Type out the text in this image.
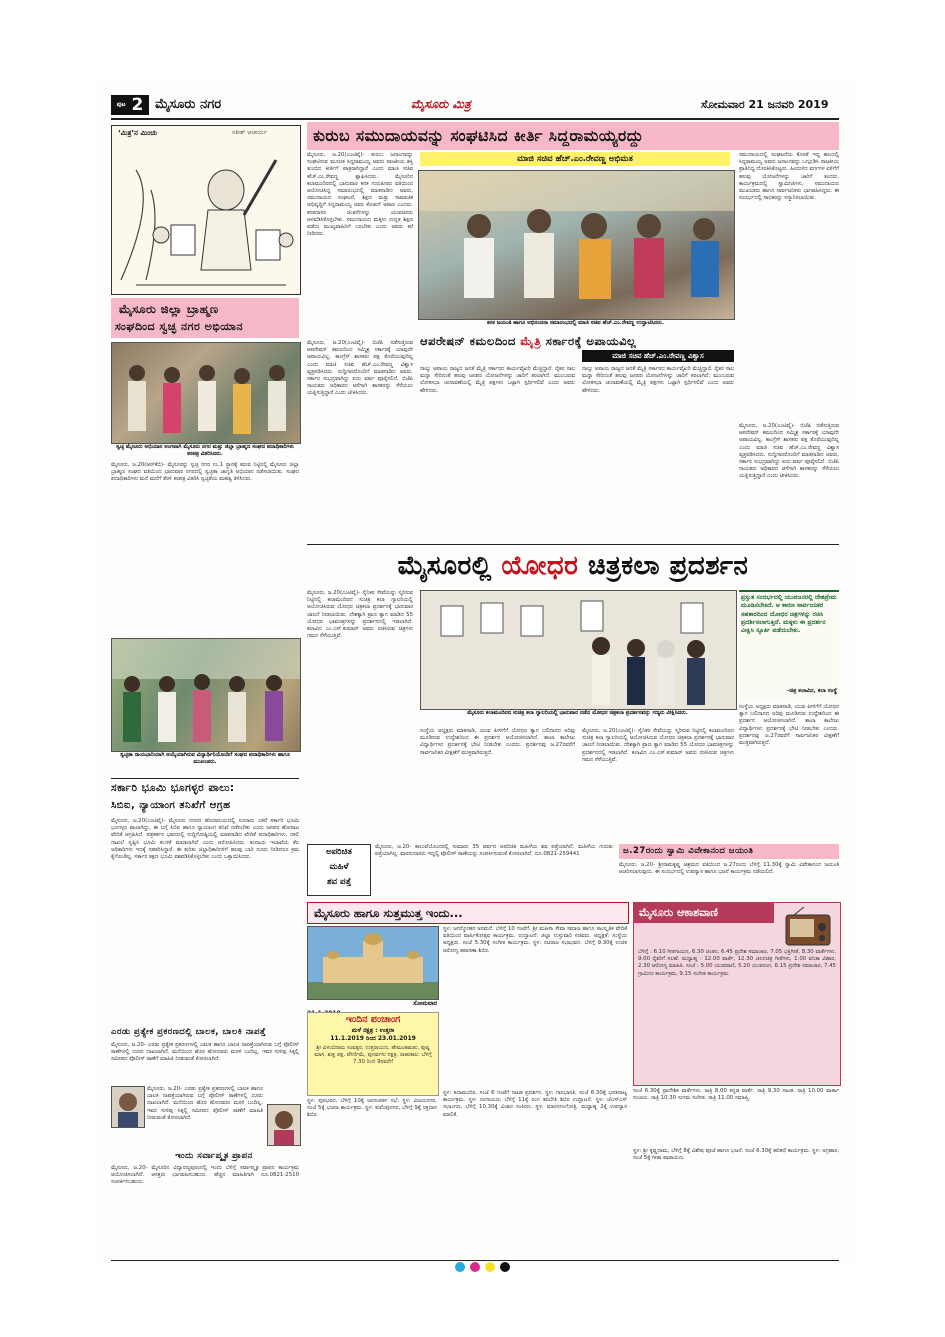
$^{ಪುಟ}$ 2 ಮೈಸೂರು ನಗರ	ಮೈಸೂರು ಮಿತ್ರ	ಸೋಮವಾರ 21 ಜನವರಿ 2019
‘ಮಿತ್ರ’ನ ಮಿಂಚು	ಸತೀಶ್ ಆಚಾರ್ಯ	ಕುರುಬ ಸಮುದಾಯವನ್ನು ಸಂಘಟಿಸಿದ ಕೀರ್ತಿ ಸಿದ್ದರಾಮಯ್ಯರದ್ದು
ಮಾಜಿ ಸಚಿವ ಹೆಚ್.ಎಂ.ರೇವಣ್ಣ ಅಭಿಮತ
ಮೈಸೂರು, ಜ.20(ಎಂಟಿವೈ)- ಕುರುಬ ಜನಾಂಗವನ್ನು ಸಂಘಟಿಸುವ ಮೂಲಕ ಸಿದ್ದರಾಮಯ್ಯ ಅವರು ರಾಜಕೀಯ ಶಕ್ತಿ ತುಂಬಿದ ಕೀರ್ತಿಗೆ ಪಾತ್ರರಾಗಿದ್ದಾರೆ ಎಂದು ಮಾಜಿ ಸಚಿವ ಹೆಚ್.ಎಂ.ರೇವಣ್ಣ ಶ್ಲಾಘಿಸಿದರು. ಮೈಸೂರಿನ ಕಲಾಮಂದಿರದಲ್ಲಿ ಭಾನುವಾರ ಕನಕ ಗುರುಪೀಠದ ವತಿಯಿಂದ ಆಯೋಜಿಸಿದ್ದ ಸಮಾರಂಭದಲ್ಲಿ ಮಾತನಾಡಿದ ಅವರು, ಸಮುದಾಯದ ಸಂಘಟನೆ, ಶಿಕ್ಷಣ ಮತ್ತು ಸಾಮಾಜಿಕ ಅಭಿವೃದ್ಧಿಗೆ ಸಿದ್ದರಾಮಯ್ಯ ಅವರ ಕೊಡುಗೆ ಅಪಾರ ಎಂದರು. ಕನಕದಾಸರ ಚಿಂತನೆಗಳನ್ನು ಯುವಜನರು ಅಳವಡಿಸಿಕೊಳ್ಳಬೇಕು. ಸಮುದಾಯದ ಮಕ್ಕಳು ಉನ್ನತ ಶಿಕ್ಷಣ ಪಡೆದು ಮುಖ್ಯವಾಹಿನಿಗೆ ಬರಬೇಕು ಎಂದು ಅವರು ಕರೆ ನೀಡಿದರು.
ಕನಕ ಜಯಂತಿ ಹಾಗೂ ಅಭಿನಂದನಾ ಸಮಾರಂಭದಲ್ಲಿ ಮಾಜಿ ಸಚಿವ ಹೆಚ್.ಎಂ.ರೇವಣ್ಣ ಉದ್ಘಾಟಿಸಿದರು.
ಸಮುದಾಯದಲ್ಲಿ ಸಂಘಟನೆಯ ಕೊರತೆ ಇದ್ದ ಕಾಲದಲ್ಲಿ ಸಿದ್ದರಾಮಯ್ಯ ಅವರು ಜನಾಂಗವನ್ನು ಒಗ್ಗೂಡಿಸಿ ರಾಜಕೀಯ ಪ್ರಾತಿನಿಧ್ಯ ದೊರಕಿಸಿಕೊಟ್ಟರು. ಹಿಂದುಳಿದ ವರ್ಗಗಳ ಏಳಿಗೆಗೆ ಹಲವು ಯೋಜನೆಗಳನ್ನು ಜಾರಿಗೆ ತಂದರು. ಕಾರ್ಯಕ್ರಮದಲ್ಲಿ ಸ್ವಾಮೀಜಿಗಳು, ಸಮುದಾಯದ ಮುಖಂಡರು ಹಾಗೂ ಸಾರ್ವಜನಿಕರು ಭಾಗವಹಿಸಿದ್ದರು. ಈ ಸಂದರ್ಭದಲ್ಲಿ ಸಾಧಕರನ್ನು ಸನ್ಮಾನಿಸಲಾಯಿತು.
ಆಪರೇಷನ್ ಕಮಲದಿಂದ ಮೈತ್ರಿ ಸರ್ಕಾರಕ್ಕೆ ಅಪಾಯವಿಲ್ಲ
ಮಾಜಿ ಸಚಿವ ಹೆಚ್.ಎಂ.ರೇವಣ್ಣ ವಿಶ್ವಾಸ
ಮೈಸೂರು, ಜ.20(ಎಂಟಿವೈ)- ಬಿಜೆಪಿ ನಡೆಸುತ್ತಿರುವ ಆಪರೇಷನ್ ಕಮಲದಿಂದ ಸಮ್ಮಿಶ್ರ ಸರ್ಕಾರಕ್ಕೆ ಯಾವುದೇ ಅಪಾಯವಿಲ್ಲ. ಕಾಂಗ್ರೆಸ್ ಶಾಸಕರು ಪಕ್ಷ ತೊರೆಯುವುದಿಲ್ಲ ಎಂದು ಮಾಜಿ ಸಚಿವ ಹೆಚ್.ಎಂ.ರೇವಣ್ಣ ವಿಶ್ವಾಸ ವ್ಯಕ್ತಪಡಿಸಿದರು. ಸುದ್ದಿಗಾರರೊಂದಿಗೆ ಮಾತನಾಡಿದ ಅವರು, ಸರ್ಕಾರ ಸುಭದ್ರವಾಗಿದ್ದು ಐದು ವರ್ಷ ಪೂರೈಸಲಿದೆ. ಬಿಜೆಪಿ ನಾಯಕರು ಅಧಿಕಾರದ ಆಸೆಗಾಗಿ ಶಾಸಕರನ್ನು ಸೆಳೆಯಲು ಯತ್ನಿಸುತ್ತಿದ್ದಾರೆ ಎಂದು ಟೀಕಿಸಿದರು.
ನಾಲ್ಕು ಅಪಾಯ ರಾಜ್ಯದ ಜನತೆ ಮೈತ್ರಿ ಸರ್ಕಾರದ ಕಾರ್ಯವೈಖರಿ ಮೆಚ್ಚಿದ್ದಾರೆ. ರೈತರ ಸಾಲ ಮನ್ನಾ ಸೇರಿದಂತೆ ಹಲವು ಜನಪರ ಯೋಜನೆಗಳನ್ನು ಜಾರಿಗೆ ತರಲಾಗಿದೆ. ಮುಂಬರುವ ಲೋಕಸಭಾ ಚುನಾವಣೆಯಲ್ಲಿ ಮೈತ್ರಿ ಪಕ್ಷಗಳು ಒಟ್ಟಾಗಿ ಸ್ಪರ್ಧಿಸಲಿವೆ ಎಂದು ಅವರು ಹೇಳಿದರು.
ನಾಲ್ಕು ಅಪಾಯ ರಾಜ್ಯದ ಜನತೆ ಮೈತ್ರಿ ಸರ್ಕಾರದ ಕಾರ್ಯವೈಖರಿ ಮೆಚ್ಚಿದ್ದಾರೆ. ರೈತರ ಸಾಲ ಮನ್ನಾ ಸೇರಿದಂತೆ ಹಲವು ಜನಪರ ಯೋಜನೆಗಳನ್ನು ಜಾರಿಗೆ ತರಲಾಗಿದೆ. ಮುಂಬರುವ ಲೋಕಸಭಾ ಚುನಾವಣೆಯಲ್ಲಿ ಮೈತ್ರಿ ಪಕ್ಷಗಳು ಒಟ್ಟಾಗಿ ಸ್ಪರ್ಧಿಸಲಿವೆ ಎಂದು ಅವರು ಹೇಳಿದರು.
ಮೈಸೂರು, ಜ.20(ಎಂಟಿವೈ)- ಬಿಜೆಪಿ ನಡೆಸುತ್ತಿರುವ ಆಪರೇಷನ್ ಕಮಲದಿಂದ ಸಮ್ಮಿಶ್ರ ಸರ್ಕಾರಕ್ಕೆ ಯಾವುದೇ ಅಪಾಯವಿಲ್ಲ. ಕಾಂಗ್ರೆಸ್ ಶಾಸಕರು ಪಕ್ಷ ತೊರೆಯುವುದಿಲ್ಲ ಎಂದು ಮಾಜಿ ಸಚಿವ ಹೆಚ್.ಎಂ.ರೇವಣ್ಣ ವಿಶ್ವಾಸ ವ್ಯಕ್ತಪಡಿಸಿದರು. ಸುದ್ದಿಗಾರರೊಂದಿಗೆ ಮಾತನಾಡಿದ ಅವರು, ಸರ್ಕಾರ ಸುಭದ್ರವಾಗಿದ್ದು ಐದು ವರ್ಷ ಪೂರೈಸಲಿದೆ. ಬಿಜೆಪಿ ನಾಯಕರು ಅಧಿಕಾರದ ಆಸೆಗಾಗಿ ಶಾಸಕರನ್ನು ಸೆಳೆಯಲು ಯತ್ನಿಸುತ್ತಿದ್ದಾರೆ ಎಂದು ಟೀಕಿಸಿದರು.
ಮೈಸೂರು ಜಿಲ್ಲಾ ಬ್ರಾಹ್ಮಣ
ಸಂಘದಿಂದ ಸ್ವಚ್ಛ ನಗರ ಅಭಿಯಾನ
ಸ್ವಚ್ಛ ಮೈಸೂರು ಅಭಿಯಾನ ಅಂಗವಾಗಿ ಮೈಸೂರು ನಗರ ಮತ್ತು ಜಿಲ್ಲಾ ಬ್ರಾಹ್ಮಣ ಸಂಘದ ಪದಾಧಿಕಾರಿಗಳು ಕರಪತ್ರ ವಿತರಿಸಿದರು.
ಮೈಸೂರು, ಜ.20(ಆರ್‌ಕೆಬಿ)- ಮೈಸೂರನ್ನು ಸ್ವಚ್ಛ ನಗರ ನಂ.1 ಸ್ಥಾನಕ್ಕೆ ತರುವ ನಿಟ್ಟಿನಲ್ಲಿ ಮೈಸೂರು ಜಿಲ್ಲಾ ಬ್ರಾಹ್ಮಣ ಸಂಘದ ವತಿಯಿಂದ ಭಾನುವಾರ ನಗರದಲ್ಲಿ ಸ್ವಚ್ಛತಾ ಜಾಗೃತಿ ಅಭಿಯಾನ ನಡೆಸಲಾಯಿತು. ಸಂಘದ ಪದಾಧಿಕಾರಿಗಳು ಮನೆ ಮನೆಗೆ ತೆರಳಿ ಕರಪತ್ರ ವಿತರಿಸಿ ಸ್ವಚ್ಛತೆಯ ಮಹತ್ವ ತಿಳಿಸಿದರು.
ಸ್ವಚ್ಛತಾ ರಾಯಭಾರಿಯಾಗಿ ಆಯ್ಕೆಯಾಗಿರುವ ವಿದ್ಯಾರ್ಥಿನಿಯೊಂದಿಗೆ ಸಂಘದ ಪದಾಧಿಕಾರಿಗಳು ಹಾಗೂ ಮುಖಂಡರು.
ಮೈಸೂರಲ್ಲಿ ಯೋಧರ ಚಿತ್ರಕಲಾ ಪ್ರದರ್ಶನ
ಮೈಸೂರು, ಜ.20(ಎಂಟಿವೈ)- ಸೈನಿಕರ ಸೇವೆಯನ್ನು ಸ್ಮರಿಸುವ ನಿಟ್ಟಿನಲ್ಲಿ ಕಲಾಮಂದಿರದ ಸುಚಿತ್ರ ಕಲಾ ಗ್ಯಾಲರಿಯಲ್ಲಿ ಆಯೋಜಿಸಿರುವ ಯೋಧರ ಚಿತ್ರಕಲಾ ಪ್ರದರ್ಶನಕ್ಕೆ ಭಾನುವಾರ ಚಾಲನೆ ನೀಡಲಾಯಿತು. ದೇಶಕ್ಕಾಗಿ ಪ್ರಾಣ ತ್ಯಾಗ ಮಾಡಿದ 55 ಯೋಧರ ಭಾವಚಿತ್ರಗಳನ್ನು ಪ್ರದರ್ಶನದಲ್ಲಿ ಇಡಲಾಗಿದೆ. ಕಲಾವಿದ ಎಂ.ಎಸ್.ಕುಮಾರ್ ಅವರು ರಚಿಸಿರುವ ಚಿತ್ರಗಳು ಗಮನ ಸೆಳೆಯುತ್ತಿವೆ.
ಮೈಸೂರು ಕಲಾಮಂದಿರದ ಸುಚಿತ್ರ ಕಲಾ ಗ್ಯಾಲರಿಯಲ್ಲಿ ಭಾನುವಾರ ನಡೆದ ಯೋಧರ ಚಿತ್ರಕಲಾ ಪ್ರದರ್ಶನವನ್ನು ಗಣ್ಯರು ವೀಕ್ಷಿಸಿದರು.
ಸಂಸ್ಥೆಯ ಅಧ್ಯಕ್ಷರು ಮಾತನಾಡಿ, ಯುವ ಪೀಳಿಗೆಗೆ ಯೋಧರ ತ್ಯಾಗ ಬಲಿದಾನದ ಅರಿವು ಮೂಡಿಸುವ ಉದ್ದೇಶದಿಂದ ಈ ಪ್ರದರ್ಶನ ಆಯೋಜಿಸಲಾಗಿದೆ. ಶಾಲಾ ಕಾಲೇಜು ವಿದ್ಯಾರ್ಥಿಗಳು ಪ್ರದರ್ಶನಕ್ಕೆ ಭೇಟಿ ನೀಡಬೇಕು ಎಂದರು. ಪ್ರದರ್ಶನವು ಜ.27ರವರೆಗೆ ಸಾರ್ವಜನಿಕರ ವೀಕ್ಷಣೆಗೆ ಮುಕ್ತವಾಗಿರುತ್ತದೆ.
ಮೈಸೂರು, ಜ.20(ಎಂಟಿವೈ)- ಸೈನಿಕರ ಸೇವೆಯನ್ನು ಸ್ಮರಿಸುವ ನಿಟ್ಟಿನಲ್ಲಿ ಕಲಾಮಂದಿರದ ಸುಚಿತ್ರ ಕಲಾ ಗ್ಯಾಲರಿಯಲ್ಲಿ ಆಯೋಜಿಸಿರುವ ಯೋಧರ ಚಿತ್ರಕಲಾ ಪ್ರದರ್ಶನಕ್ಕೆ ಭಾನುವಾರ ಚಾಲನೆ ನೀಡಲಾಯಿತು. ದೇಶಕ್ಕಾಗಿ ಪ್ರಾಣ ತ್ಯಾಗ ಮಾಡಿದ 55 ಯೋಧರ ಭಾವಚಿತ್ರಗಳನ್ನು ಪ್ರದರ್ಶನದಲ್ಲಿ ಇಡಲಾಗಿದೆ. ಕಲಾವಿದ ಎಂ.ಎಸ್.ಕುಮಾರ್ ಅವರು ರಚಿಸಿರುವ ಚಿತ್ರಗಳು ಗಮನ ಸೆಳೆಯುತ್ತಿವೆ.
ಪ್ರಸ್ತುತ ಸಂದರ್ಭದಲ್ಲಿ ಯುವಜನರಲ್ಲಿ ದೇಶಪ್ರೇಮ ಮೂಡಿಸಬೇಕಿದೆ. ಆ ಕಾರಣ ಸಾರ್ವಜನಿಕರ ಸಹಕಾರದಿಂದ ಯೋಧರ ಚಿತ್ರಗಳನ್ನು ರಚಿಸಿ ಪ್ರದರ್ಶಿಸಲಾಗುತ್ತಿದೆ. ಮಕ್ಕಳು ಈ ಪ್ರದರ್ಶನ ವೀಕ್ಷಿಸಿ ಸ್ಫೂರ್ತಿ ಪಡೆಯಬೇಕು.
-ಚಿತ್ರ ಕಲಾವಿದ, ಕಲಾ ಸಂಸ್ಥೆ
ಸಂಸ್ಥೆಯ ಅಧ್ಯಕ್ಷರು ಮಾತನಾಡಿ, ಯುವ ಪೀಳಿಗೆಗೆ ಯೋಧರ ತ್ಯಾಗ ಬಲಿದಾನದ ಅರಿವು ಮೂಡಿಸುವ ಉದ್ದೇಶದಿಂದ ಈ ಪ್ರದರ್ಶನ ಆಯೋಜಿಸಲಾಗಿದೆ. ಶಾಲಾ ಕಾಲೇಜು ವಿದ್ಯಾರ್ಥಿಗಳು ಪ್ರದರ್ಶನಕ್ಕೆ ಭೇಟಿ ನೀಡಬೇಕು ಎಂದರು. ಪ್ರದರ್ಶನವು ಜ.27ರವರೆಗೆ ಸಾರ್ವಜನಿಕರ ವೀಕ್ಷಣೆಗೆ ಮುಕ್ತವಾಗಿರುತ್ತದೆ.
ಸರ್ಕಾರಿ ಭೂಮಿ ಭೂಗಳ್ಳರ ಪಾಲು:
ಸಿಬಿಐ, ನ್ಯಾಯಾಂಗ ತನಿಖೆಗೆ ಆಗ್ರಹ
ಮೈಸೂರು, ಜ.20(ಎಂಟಿವೈ)- ಮೈಸೂರು ನಗರದ ಹೊರವಲಯದಲ್ಲಿ ನೂರಾರು ಎಕರೆ ಸರ್ಕಾರಿ ಭೂಮಿ ಭೂಗಳ್ಳರ ಪಾಲಾಗಿದ್ದು, ಈ ಬಗ್ಗೆ ಸಿಬಿಐ ಹಾಗೂ ನ್ಯಾಯಾಂಗ ತನಿಖೆ ನಡೆಸಬೇಕು ಎಂದು ಜನಪರ ಹೋರಾಟ ವೇದಿಕೆ ಆಗ್ರಹಿಸಿದೆ. ಪತ್ರಕರ್ತರ ಭವನದಲ್ಲಿ ಸುದ್ದಿಗೋಷ್ಠಿಯಲ್ಲಿ ಮಾತನಾಡಿದ ವೇದಿಕೆ ಪದಾಧಿಕಾರಿಗಳು, ನಕಲಿ ದಾಖಲೆ ಸೃಷ್ಟಿಸಿ ಭೂಮಿ ಕಬಳಿಕೆ ಮಾಡಲಾಗಿದೆ ಎಂದು ಆರೋಪಿಸಿದರು. ಕಂದಾಯ ಇಲಾಖೆಯ ಕೆಲ ಅಧಿಕಾರಿಗಳು ಇದಕ್ಕೆ ಸಹಕರಿಸಿದ್ದಾರೆ. ಈ ಕುರಿತು ಜಿಲ್ಲಾಧಿಕಾರಿಗಳಿಗೆ ಹಲವು ಬಾರಿ ದೂರು ನೀಡಿದರೂ ಕ್ರಮ ಕೈಗೊಂಡಿಲ್ಲ. ಸರ್ಕಾರ ತಕ್ಷಣ ಭೂಮಿ ವಶಪಡಿಸಿಕೊಳ್ಳಬೇಕು ಎಂದು ಒತ್ತಾಯಿಸಿದರು.
ಎರಡು ಪ್ರತ್ಯೇಕ ಪ್ರಕರಣದಲ್ಲಿ ಬಾಲಕ, ಬಾಲಕಿ ನಾಪತ್ತೆ
ಮೈಸೂರು, ಜ.20- ಎರಡು ಪ್ರತ್ಯೇಕ ಪ್ರಕರಣಗಳಲ್ಲಿ ಬಾಲಕ ಹಾಗೂ ಬಾಲಕಿ ನಾಪತ್ತೆಯಾಗಿರುವ ಬಗ್ಗೆ ಪೊಲೀಸ್ ಠಾಣೆಗಳಲ್ಲಿ ದೂರು ದಾಖಲಾಗಿದೆ. ಮನೆಯಿಂದ ಹೊರ ಹೋದವರು ಮರಳಿ ಬಂದಿಲ್ಲ. ಇವರ ಸುಳಿವು ಸಿಕ್ಕಲ್ಲಿ ಸಮೀಪದ ಪೊಲೀಸ್ ಠಾಣೆಗೆ ಮಾಹಿತಿ ನೀಡುವಂತೆ ಕೋರಲಾಗಿದೆ.
ಮೈಸೂರು, ಜ.20- ಎರಡು ಪ್ರತ್ಯೇಕ ಪ್ರಕರಣಗಳಲ್ಲಿ ಬಾಲಕ ಹಾಗೂ ಬಾಲಕಿ ನಾಪತ್ತೆಯಾಗಿರುವ ಬಗ್ಗೆ ಪೊಲೀಸ್ ಠಾಣೆಗಳಲ್ಲಿ ದೂರು ದಾಖಲಾಗಿದೆ. ಮನೆಯಿಂದ ಹೊರ ಹೋದವರು ಮರಳಿ ಬಂದಿಲ್ಲ. ಇವರ ಸುಳಿವು ಸಿಕ್ಕಲ್ಲಿ ಸಮೀಪದ ಪೊಲೀಸ್ ಠಾಣೆಗೆ ಮಾಹಿತಿ ನೀಡುವಂತೆ ಕೋರಲಾಗಿದೆ.
ಇಂದು ಸರ್ವಾಪ್ಮೃತ ಪ್ರಾಪನ
ಮೈಸೂರು, ಜ.20- ಮೈಸೂರಿನ ವಿದ್ಯಾರಣ್ಯಪುರಂನಲ್ಲಿ ಇಂದು ಬೆಳಿಗ್ಗೆ ಸರ್ವಾಪ್ಮೃತ ಪ್ರಾಪನ ಕಾರ್ಯಕ್ರಮ ಆಯೋಜಿಸಲಾಗಿದೆ. ಆಸಕ್ತರು ಭಾಗವಹಿಸಬಹುದು. ಹೆಚ್ಚಿನ ಮಾಹಿತಿಗಾಗಿ ದೂ.0821-2510 ಸಂಪರ್ಕಿಸಬಹುದು.
ಅಪರಿಚಿತ
ಮಹಿಳೆ
ಶವ ಪತ್ತೆ
ಮೈಸೂರು, ಜ.20- ಕಾಲುವೆಯೊಂದರಲ್ಲಿ ಸುಮಾರು 35 ವರ್ಷದ ಅಪರಿಚಿತ ಮಹಿಳೆಯ ಶವ ಪತ್ತೆಯಾಗಿದೆ. ಮಹಿಳೆಯ ಗುರುತು ಪತ್ತೆಯಾಗಿಲ್ಲ. ವಾರಸುದಾರರು ಇದ್ದಲ್ಲಿ ಪೊಲೀಸ್ ಠಾಣೆಯನ್ನು ಸಂಪರ್ಕಿಸುವಂತೆ ಕೋರಲಾಗಿದೆ. ದೂ.0821-259441	ಜ.27ರಂದು ಸ್ವಾಮಿ ವಿವೇಕಾನಂದ ಜಯಂತಿ
ಮೈಸೂರು, ಜ.20- ಶ್ರೀರಾಮಕೃಷ್ಣ ಆಶ್ರಮದ ವತಿಯಿಂದ ಜ.27ರಂದು ಬೆಳಿಗ್ಗೆ 11.30ಕ್ಕೆ ಸ್ವಾಮಿ ವಿವೇಕಾನಂದ ಜಯಂತಿ ಆಚರಿಸಲಾಗುವುದು. ಈ ಸಂದರ್ಭದಲ್ಲಿ ಉಪನ್ಯಾಸ ಹಾಗೂ ಭಜನೆ ಕಾರ್ಯಕ್ರಮ ನಡೆಯಲಿದೆ.
ಮೈಸೂರು ಹಾಗೂ ಸುತ್ತಮುತ್ತ ಇಂದು...
ಸೋಮವಾರ
ಇಂದಿನ ಪಂಚಾಂಗ
ಮಳೆ ನಕ್ಷತ್ರ : ಉತ್ತರಾ
11.1.2019 ರಿಂದ 23.01.2019
ಶ್ರೀ ವಿಳಂಬಿನಾಮ ಸಂವತ್ಸರ, ಉತ್ತರಾಯಣ, ಹೇಮಂತಋತು, ಪುಷ್ಯ ಮಾಸ, ಶುಕ್ಲ ಪಕ್ಷ, ಪೌರ್ಣಿಮೆ, ಪುನರ್ವಸು ನಕ್ಷತ್ರ. ರಾಹುಕಾಲ: ಬೆಳಿಗ್ಗೆ 7.30 ರಿಂದ 9ರವರೆಗೆ
ಸ್ಥಳ: ಪುರಭವನ, ಬೆಳಿಗ್ಗೆ 10ಕ್ಕೆ ಜನಸಂಪರ್ಕ ಸಭೆ. ಸ್ಥಳ: ವಿಜಯನಗರ, ಸಂಜೆ 5ಕ್ಕೆ ಭಜನಾ ಕಾರ್ಯಕ್ರಮ. ಸ್ಥಳ: ಕುವೆಂಪುನಗರ, ಬೆಳಿಗ್ಗೆ 9ಕ್ಕೆ ರಕ್ತದಾನ ಶಿಬಿರ.
ಸ್ಥಳ: ಜಗನ್ಮೋಹನ ಅರಮನೆ. ಬೆಳಿಗ್ಗೆ 10 ಗಂಟೆಗೆ. ಶ್ರೀ ಮಹಿಳಾ ಸೇವಾ ಸಮಾಜ ಹಾಗೂ ಸಾಂಸ್ಕೃತಿಕ ವೇದಿಕೆ ವತಿಯಿಂದ ವಾರ್ಷಿಕೋತ್ಸವ ಕಾರ್ಯಕ್ರಮ. ಉದ್ಘಾಟನೆ: ಜಿಲ್ಲಾ ಉಸ್ತುವಾರಿ ಸಚಿವರು. ಅಧ್ಯಕ್ಷತೆ: ಸಂಸ್ಥೆಯ ಅಧ್ಯಕ್ಷರು. ಸಂಜೆ 5.30ಕ್ಕೆ ಸಂಗೀತ ಕಾರ್ಯಕ್ರಮ. ಸ್ಥಳ: ನಟರಾಜ ಸಭಾಭವನ. ಬೆಳಿಗ್ಗೆ 9.30ಕ್ಕೆ ಉಚಿತ ಆರೋಗ್ಯ ತಪಾಸಣಾ ಶಿಬಿರ.
ಸ್ಥಳ: ಕಲಾಮಂದಿರ, ಸಂಜೆ 6 ಗಂಟೆಗೆ ನಾಟಕ ಪ್ರದರ್ಶನ. ಸ್ಥಳ: ಗಾನಭಾರತಿ, ಸಂಜೆ 6.30ಕ್ಕೆ ಭರತನಾಟ್ಯ ಕಾರ್ಯಕ್ರಮ. ಸ್ಥಳ: ರಂಗಾಯಣ, ಬೆಳಿಗ್ಗೆ 11ಕ್ಕೆ ರಂಗ ತರಬೇತಿ ಶಿಬಿರ ಉದ್ಘಾಟನೆ. ಸ್ಥಳ: ಜೆಎಸ್‌ಎಸ್ ಸಭಾಂಗಣ, ಬೆಳಿಗ್ಗೆ 10.30ಕ್ಕೆ ವಿಚಾರ ಸಂಕಿರಣ. ಸ್ಥಳ: ಮಾನಸಗಂಗೋತ್ರಿ, ಮಧ್ಯಾಹ್ನ 2ಕ್ಕೆ ಉಪನ್ಯಾಸ ಮಾಲಿಕೆ.
ಮೈಸೂರು ಆಕಾಶವಾಣಿ
ಬೆಳಿಗ್ಗೆ : 6.10 ಗೀತಗಾಯನ, 6.30 ಚಿಂತನ, 6.45 ಪ್ರದೇಶ ಸಮಾಚಾರ, 7.05 ಭಕ್ತಿಗೀತೆ, 8.30 ವಾರ್ತೆಗಳು, 9.00 ರೈತರಿಗೆ ಸಲಹೆ. ಮಧ್ಯಾಹ್ನ : 12.00 ವಾರ್ತೆ, 12.30 ಚಲನಚಿತ್ರ ಗೀತೆಗಳು, 1.00 ವನಿತಾ ವಿಹಾರ, 2.30 ಆರೋಗ್ಯ ಮಾಹಿತಿ. ಸಂಜೆ : 5.00 ಯುವವಾಣಿ, 5.20 ಯುವರಂಗ, 6.15 ಪ್ರದೇಶ ಸಮಾಚಾರ, 7.45 ಗ್ರಾಮೀಣ ಕಾರ್ಯಕ್ರಮ, 9.15 ಸಂಗೀತ ಕಾರ್ಯಕ್ರಮ.
ಸಂಜೆ 6.30ಕ್ಕೆ ಪ್ರಾದೇಶಿಕ ವಾರ್ತೆಗಳು. ರಾತ್ರಿ 8.00 ಕನ್ನಡ ವಾರ್ತೆ. ರಾತ್ರಿ 9.30 ನಾಟಕ. ರಾತ್ರಿ 10.00 ವಾರ್ತಾ ಸಂಚಯ. ರಾತ್ರಿ 10.30 ಸುಗಮ ಸಂಗೀತ. ರಾತ್ರಿ 11.00 ಸಮಾಪ್ತಿ.
ಸ್ಥಳ: ಶ್ರೀ ಕೃಷ್ಣಧಾಮ, ಬೆಳಿಗ್ಗೆ 8ಕ್ಕೆ ವಿಶೇಷ ಪೂಜೆ ಹಾಗೂ ಭಜನೆ. ಸಂಜೆ 6.30ಕ್ಕೆ ಹರಿಕಥೆ ಕಾರ್ಯಕ್ರಮ. ಸ್ಥಳ: ಅಗ್ರಹಾರ, ಸಂಜೆ 5ಕ್ಕೆ ಗೀತಾ ಪಾರಾಯಣ.
